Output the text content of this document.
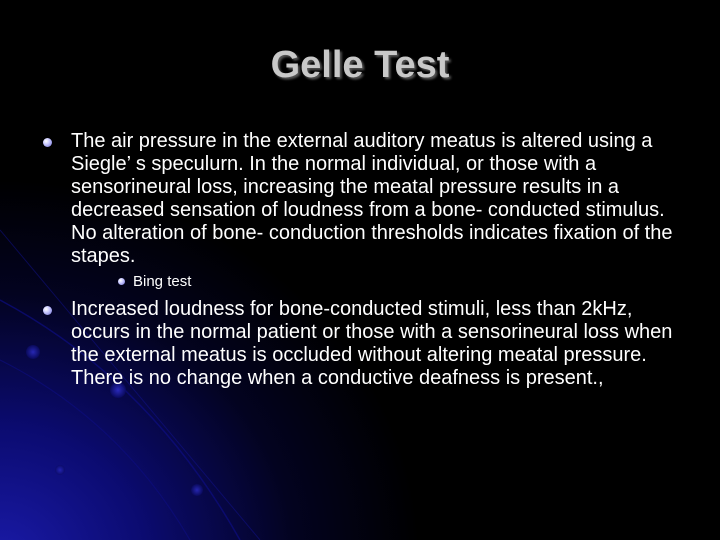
Gelle Test
The air pressure in the external auditory meatus is altered using a Siegle’ s speculurn. In the normal individual, or those with a sensorineural loss, increasing the meatal pressure results in a decreased sensation of loudness from a bone- conducted stimulus. No alteration of bone- conduction thresholds indicates fixation of the stapes.
Bing test
Increased loudness for bone-conducted stimuli, less than 2kHz, occurs in the normal patient or those with a sensorineural loss when the external meatus is occluded without altering meatal pressure. There is no change when a conductive deafness is present.,
